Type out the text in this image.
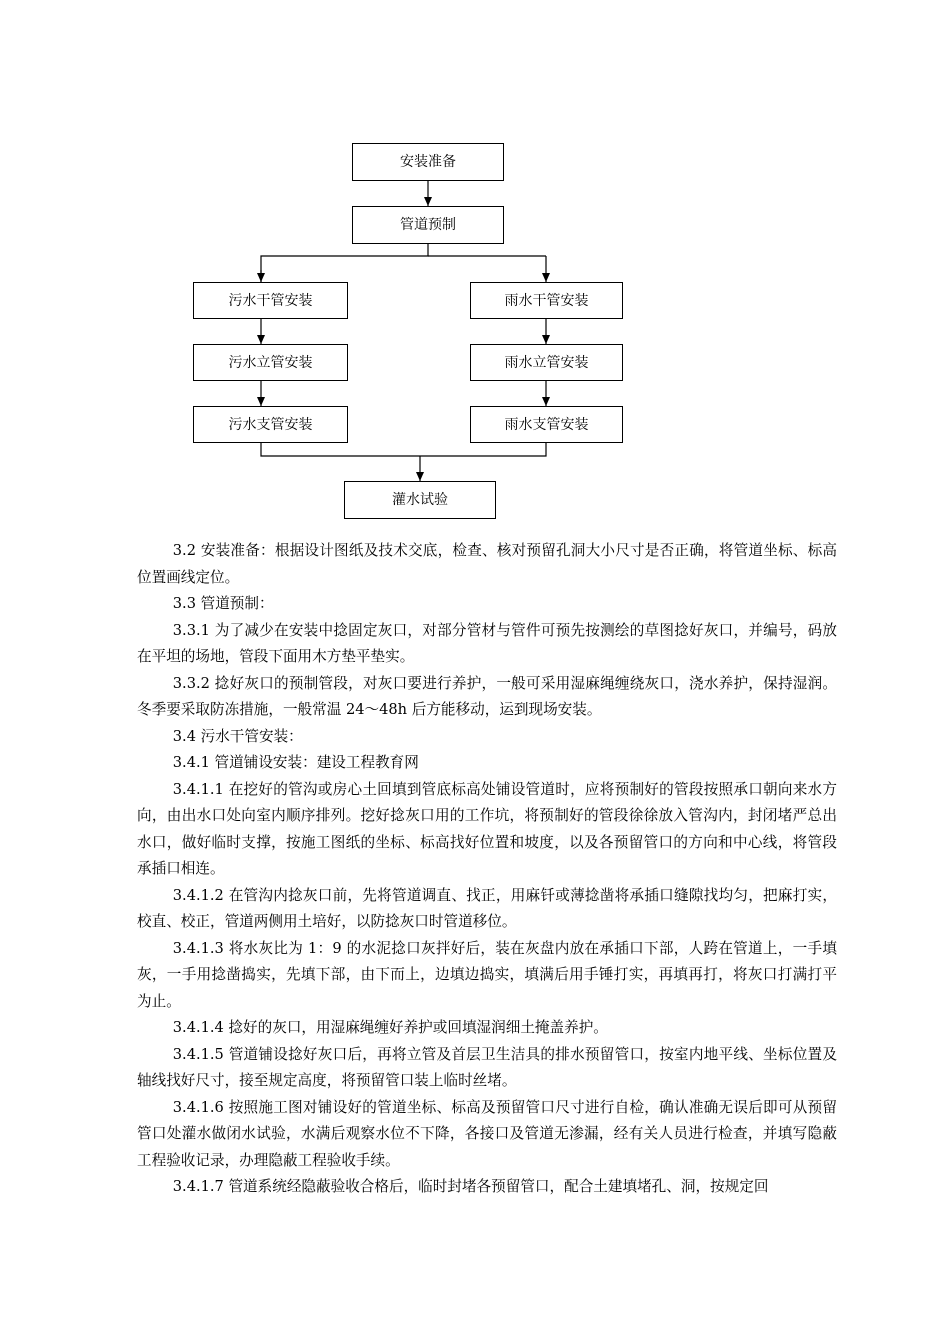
安装准备
管道预制
污水干管安装
污水立管安装
污水支管安装
雨水干管安装
雨水立管安装
雨水支管安装
灌水试验

3.2 安装准备：根据设计图纸及技术交底，检查、核对预留孔洞大小尺寸是否正确，将管道坐标、标高位置画线定位。

3.3 管道预制：

3.3.1 为了减少在安装中捻固定灰口，对部分管材与管件可预先按测绘的草图捻好灰口，并编号，码放在平坦的场地，管段下面用木方垫平垫实。

3.3.2 捻好灰口的预制管段，对灰口要进行养护，一般可采用湿麻绳缠绕灰口，浇水养护，保持湿润。冬季要采取防冻措施，一般常温 24～48h 后方能移动，运到现场安装。

3.4 污水干管安装：

3.4.1 管道铺设安装：建设工程教育网

3.4.1.1 在挖好的管沟或房心土回填到管底标高处铺设管道时，应将预制好的管段按照承口朝向来水方向，由出水口处向室内顺序排列。挖好捻灰口用的工作坑，将预制好的管段徐徐放入管沟内，封闭堵严总出水口，做好临时支撑，按施工图纸的坐标、标高找好位置和坡度，以及各预留管口的方向和中心线，将管段承插口相连。

3.4.1.2 在管沟内捻灰口前，先将管道调直、找正，用麻钎或薄捻凿将承插口缝隙找均匀，把麻打实，校直、校正，管道两侧用土培好，以防捻灰口时管道移位。

3.4.1.3 将水灰比为 1：9 的水泥捻口灰拌好后，装在灰盘内放在承插口下部，人跨在管道上，一手填灰，一手用捻凿捣实，先填下部，由下而上，边填边捣实，填满后用手锤打实，再填再打，将灰口打满打平为止。

3.4.1.4 捻好的灰口，用湿麻绳缠好养护或回填湿润细土掩盖养护。

3.4.1.5 管道铺设捻好灰口后，再将立管及首层卫生洁具的排水预留管口，按室内地平线、坐标位置及轴线找好尺寸，接至规定高度，将预留管口装上临时丝堵。

3.4.1.6 按照施工图对铺设好的管道坐标、标高及预留管口尺寸进行自检，确认准确无误后即可从预留管口处灌水做闭水试验，水满后观察水位不下降，各接口及管道无渗漏，经有关人员进行检查，并填写隐蔽工程验收记录，办理隐蔽工程验收手续。

3.4.1.7 管道系统经隐蔽验收合格后，临时封堵各预留管口，配合土建填堵孔、洞，按规定回
